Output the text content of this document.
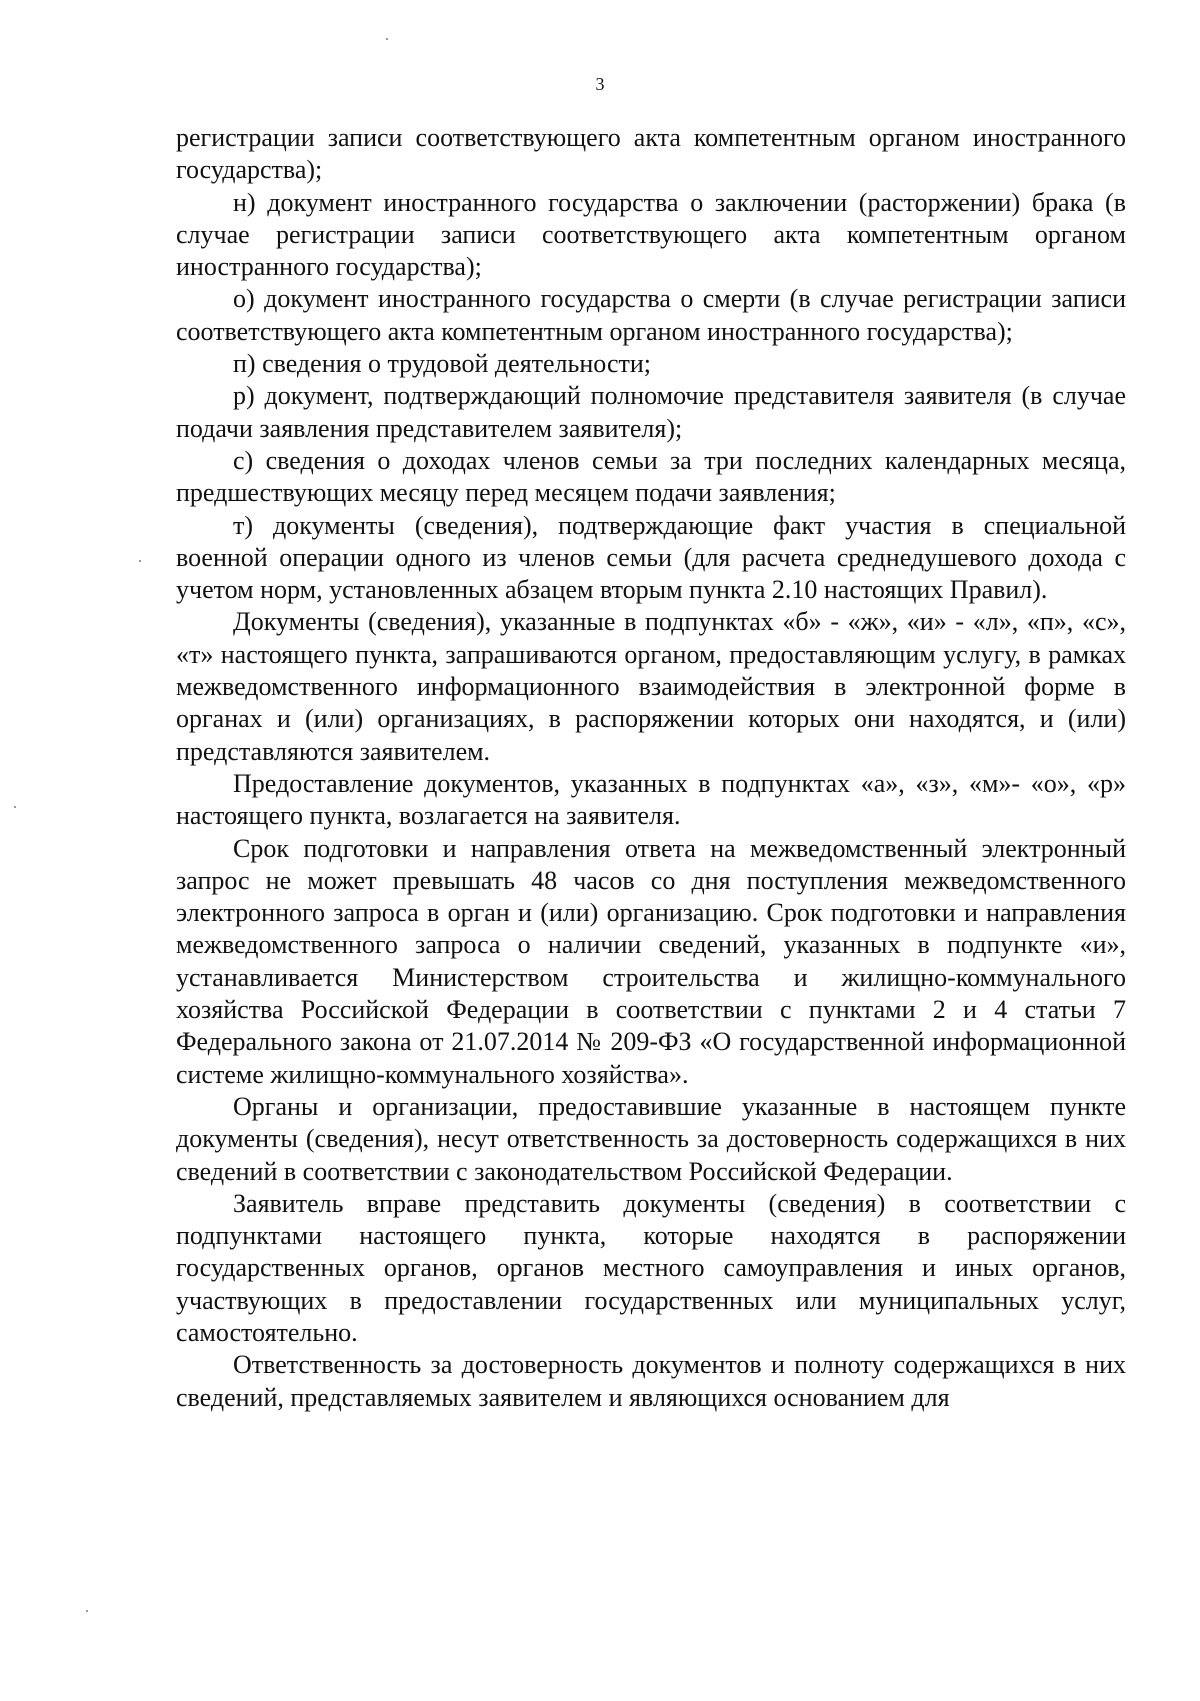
3

регистрации записи соответствующего акта компетентным органом иностранного государства);

н) документ иностранного государства о заключении (расторжении) брака (в случае регистрации записи соответствующего акта компетентным органом иностранного государства);

о) документ иностранного государства о смерти (в случае регистрации записи соответствующего акта компетентным органом иностранного государства);

п) сведения о трудовой деятельности;

р) документ, подтверждающий полномочие представителя заявителя (в случае подачи заявления представителем заявителя);

с) сведения о доходах членов семьи за три последних календарных месяца, предшествующих месяцу перед месяцем подачи заявления;

т) документы (сведения), подтверждающие факт участия в специальной военной операции одного из членов семьи (для расчета среднедушевого дохода с учетом норм, установленных абзацем вторым пункта 2.10 настоящих Правил).

Документы (сведения), указанные в подпунктах «б» - «ж», «и» - «л», «п», «с», «т» настоящего пункта, запрашиваются органом, предоставляющим услугу, в рамках межведомственного информационного взаимодействия в электронной форме в органах и (или) организациях, в распоряжении которых они находятся, и (или) представляются заявителем.

Предоставление документов, указанных в подпунктах «а», «з», «м»- «о», «р» настоящего пункта, возлагается на заявителя.

Срок подготовки и направления ответа на межведомственный электронный запрос не может превышать 48 часов со дня поступления межведомственного электронного запроса в орган и (или) организацию. Срок подготовки и направления межведомственного запроса о наличии сведений, указанных в подпункте «и», устанавливается Министерством строительства и жилищно-коммунального хозяйства Российской Федерации в соответствии с пунктами 2 и 4 статьи 7 Федерального закона от 21.07.2014 № 209-ФЗ «О государственной информационной системе жилищно-коммунального хозяйства».

Органы и организации, предоставившие указанные в настоящем пункте документы (сведения), несут ответственность за достоверность содержащихся в них сведений в соответствии с законодательством Российской Федерации.

Заявитель вправе представить документы (сведения) в соответствии с подпунктами настоящего пункта, которые находятся в распоряжении государственных органов, органов местного самоуправления и иных органов, участвующих в предоставлении государственных или муниципальных услуг, самостоятельно.

Ответственность за достоверность документов и полноту содержащихся в них сведений, представляемых заявителем и являющихся основанием для
